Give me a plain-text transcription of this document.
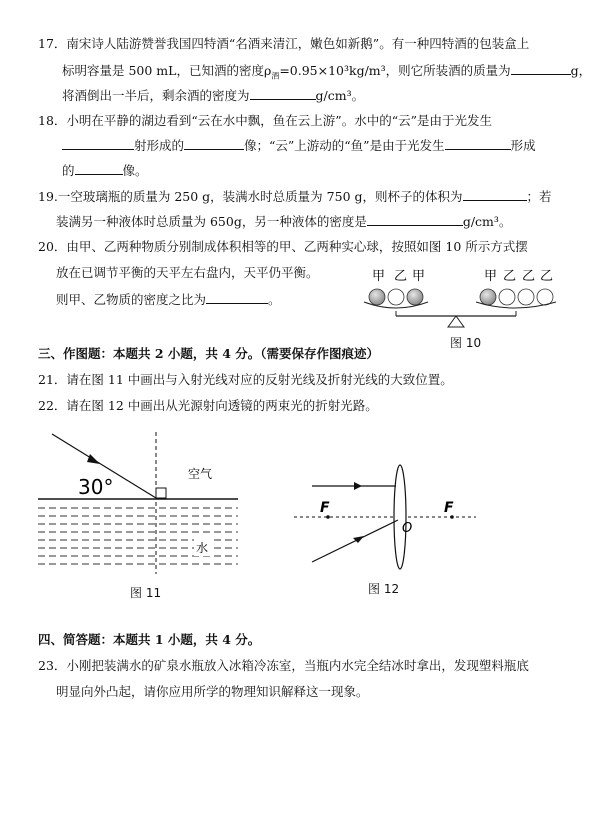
17．南宋诗人陆游赞誉我国四特酒“名酒来清江，嫩色如新鹅”。有一种四特酒的包装盒上
标明容量是 500 mL，已知酒的密度$\rho_酒=0.95\times 10^3kg/m^3$，则它所装酒的质量为	g，
将酒倒出一半后，剩余酒的密度为	g/cm³。
18．小明在平静的湖边看到“云在水中飘，鱼在云上游”。水中的“云”是由于光发生
射形成的	像；“云”上游动的“鱼”是由于光发生	形成
的	像。
19.一空玻璃瓶的质量为 250 g，装满水时总质量为 750 g，则杯子的体积为	；若
装满另一种液体时总质量为 650g，另一种液体的密度是	g/cm³。
20．由甲、乙两种物质分别制成体积相等的甲、乙两种实心球，按照如图 10 所示方式摆
放在已调节平衡的天平左右盘内，天平仍平衡。
则甲、乙物质的密度之比为	。
甲 乙 甲	甲 乙 乙 乙
图 10
三、作图题：本题共 2 小题，共 4 分。（需要保存作图痕迹）
21．请在图 11 中画出与入射光线对应的反射光线及折射光线的大致位置。
22．请在图 12 中画出从光源射向透镜的两束光的折射光路。
30°
空气
水
图 11
F	F
O
图 12
四、简答题：本题共 1 小题，共 4 分。
23．小刚把装满水的矿泉水瓶放入冰箱冷冻室，当瓶内水完全结冰时拿出，发现塑料瓶底
明显向外凸起，请你应用所学的物理知识解释这一现象。
